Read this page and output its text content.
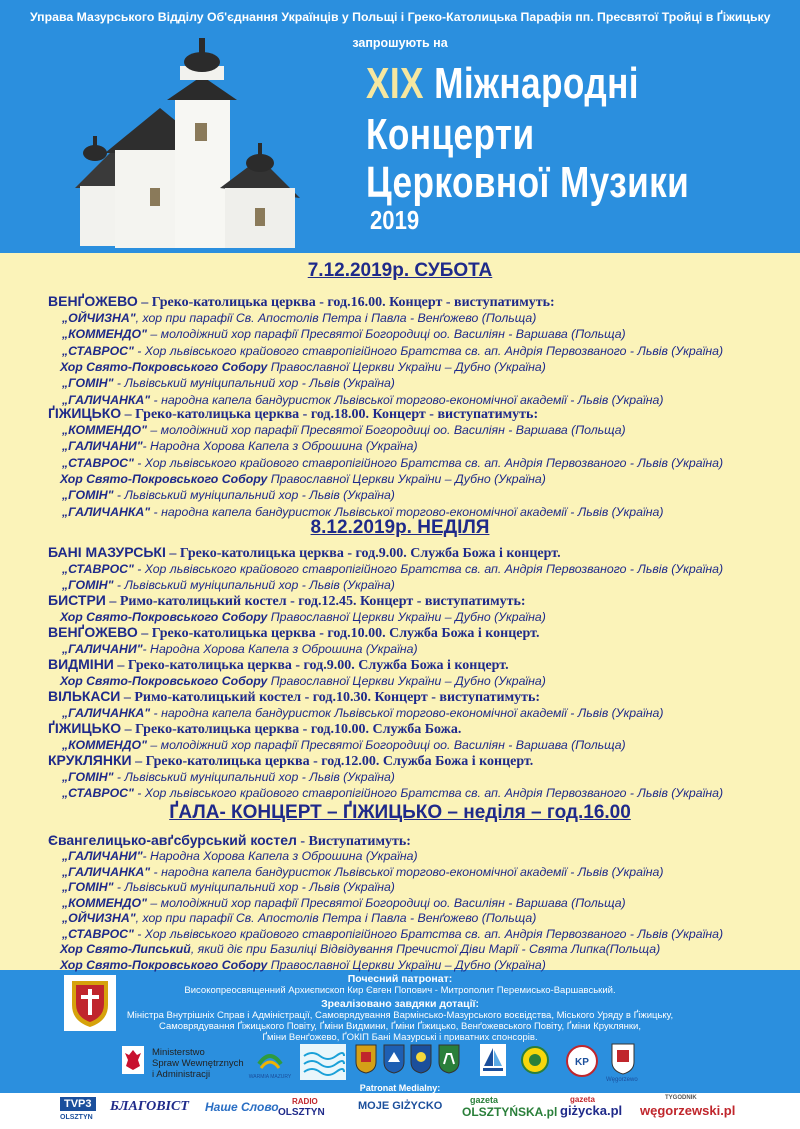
Управа Мазурського Відділу Об'єднання Українців у Польщі і Греко-Католицька Парафія пп. Пресвятої Тройці в Ґіжицьку
запрошують на
XIX Міжнародні
Концерти
Церковної Музики
2019
ҐАЛА- КОНЦЕРТ – ҐІЖИЦЬКО – неділя – год.16.00
Почесний патронат:
Високопреосвященний Архиєпископ Кир Євген Попович - Митрополит Перемисько-Варшавський.
Зреалізовано завдяки дотації:
Міністра Внутрішніх Справ і Адміністрації, Самоврядування Вармінсько-Мазурського воєвідства, Міського Уряду в Ґіжицьку,
Самоврядування Ґіжицького Повіту, Ґміни Видмини, Ґміни Ґіжицько, Венґожевського Повіту, Ґміни Круклянки,
Ґміни Венґожево, ҐОКІП Бані Мазурські і приватних спонсорів.
Ministerstwo
Spraw Wewnętrznych
i Administracji	WARMIA MAZURY
KP
Węgorzewo
Patronat Medialny:
TVP3
OLSZTYN
БЛАГОВІСТ Наше Слово RADIO
OLSZTYN
MOJE GIŻYCKO	gazeta
OLSZTYŃSKA.pl
gazeta
giżycka.pl
TYGODNIK
węgorzewski.pl
7.12.2019р. СУБОТА
ВЕНҐОЖЕВО – Греко-католицька церква - год.16.00. Концерт - виступатимуть:
„ОЙЧИЗНА", хор при парафії Св. Апостолів Петра і Павла - Венґожево (Польща)
„КОММЕНДО" – молодіжний хор парафії Пресвятої Богородиці оо. Василіян - Варшава (Польща)
„СТАВРОС" - Хор львівського крайового ставропігійного Братства св. ап. Андрія Первозваного - Львів (Україна)
Хор Свято-Покровського Собору Православної Церкви України – Дубно (Україна)
„ГОМІН" - Львівський муніципальний хор - Львів (Україна)
„ГАЛИЧАНКА" - народна капела бандуристок Львівської торгово-економічної академії - Львів (Україна)
ҐІЖИЦЬКО – Греко-католицька церква - год.18.00. Концерт - виступатимуть:
„КОММЕНДО" – молодіжний хор парафії Пресвятої Богородиці оо. Василіян - Варшава (Польща)
„ГАЛИЧАНИ"- Народна Хорова Капела з Оброшина (Україна)
„СТАВРОС" - Хор львівського крайового ставропігійного Братства св. ап. Андрія Первозваного - Львів (Україна)
Хор Свято-Покровського Собору Православної Церкви України – Дубно (Україна)
„ГОМІН" - Львівський муніципальний хор - Львів (Україна)
„ГАЛИЧАНКА" - народна капела бандуристок Львівської торгово-економічної академії - Львів (Україна)
8.12.2019р. НЕДІЛЯ
БАНІ МАЗУРСЬКІ – Греко-католицька церква - год.9.00. Служба Божа і концерт.
„СТАВРОС" - Хор львівського крайового ставропігійного Братства св. ап. Андрія Первозваного - Львів (Україна)
„ГОМІН" - Львівський муніципальний хор - Львів (Україна)
БИСТРИ – Римо-католицький костел - год.12.45. Концерт - виступатимуть:
Хор Свято-Покровського Собору Православної Церкви України – Дубно (Україна)
ВЕНҐОЖЕВО – Греко-католицька церква - год.10.00. Служба Божа і концерт.
„ГАЛИЧАНИ"- Народна Хорова Капела з Оброшина (Україна)
ВИДМІНИ – Греко-католицька церква - год.9.00. Служба Божа і концерт.
Хор Свято-Покровського Собору Православної Церкви України – Дубно (Україна)
ВІЛЬКАСИ – Римо-католицький костел - год.10.30. Концерт - виступатимуть:
„ГАЛИЧАНКА" - народна капела бандуристок Львівської торгово-економічної академії - Львів (Україна)
ҐІЖИЦЬКО – Греко-католицька церква - год.10.00. Служба Божа.
„КОММЕНДО" – молодіжний хор парафії Пресвятої Богородиці оо. Василіян - Варшава (Польща)
КРУКЛЯНКИ – Греко-католицька церква - год.12.00. Служба Божа і концерт.
„ГОМІН" - Львівський муніципальний хор - Львів (Україна)
„СТАВРОС" - Хор львівського крайового ставропігійного Братства св. ап. Андрія Первозваного - Львів (Україна)
Євангелицько-авґсбурський костел - Виступатимуть:
„ГАЛИЧАНИ"- Народна Хорова Капела з Оброшина (Україна)
„ГАЛИЧАНКА" - народна капела бандуристок Львівської торгово-економічної академії - Львів (Україна)
„ГОМІН" - Львівський муніципальний хор - Львів (Україна)
„КОММЕНДО" – молодіжний хор парафії Пресвятої Богородиці оо. Василіян - Варшава (Польща)
„ОЙЧИЗНА", хор при парафії Св. Апостолів Петра і Павла - Венґожево (Польща)
„СТАВРОС" - Хор львівського крайового ставропігійного Братства св. ап. Андрія Первозваного - Львів (Україна)
Хор Свято-Липський, який діє при Базиліці Відвідування Пречистої Діви Марії - Свята Липка(Польща)
Хор Свято-Покровського Собору Православної Церкви України – Дубно (Україна)
